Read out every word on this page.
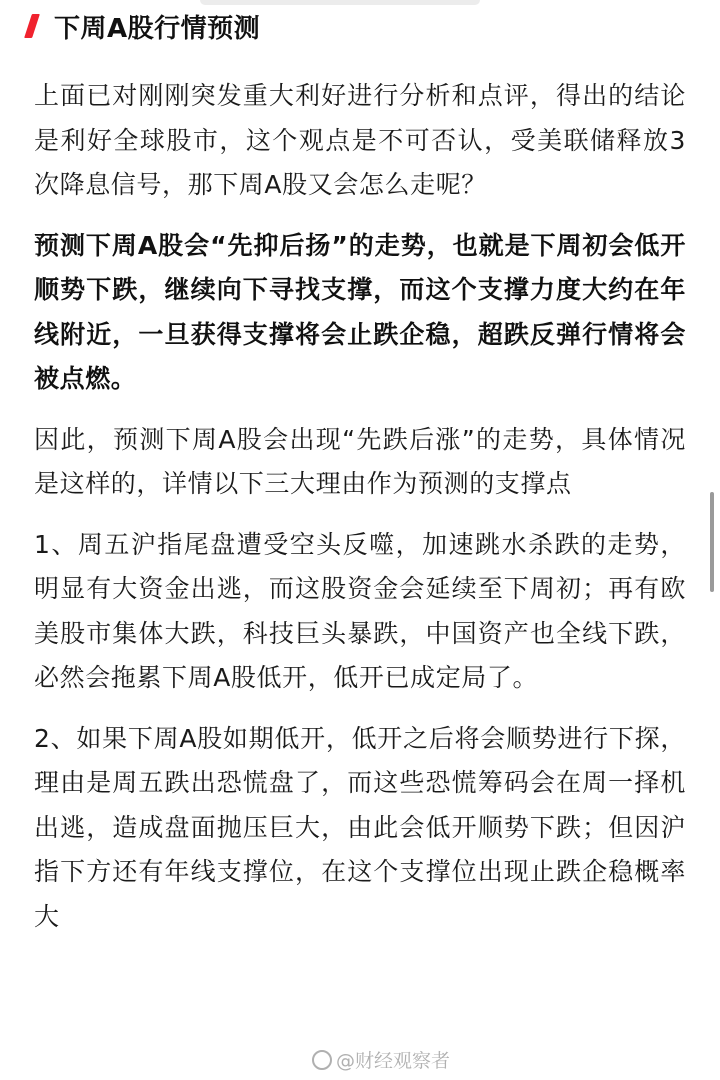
下周A股行情预测

上面已对刚刚突发重大利好进行分析和点评，得出的结论是利好全球股市，这个观点是不可否认，受美联储释放3次降息信号，那下周A股又会怎么走呢？

预测下周A股会“先抑后扬”的走势，也就是下周初会低开顺势下跌，继续向下寻找支撑，而这个支撑力度大约在年线附近，一旦获得支撑将会止跌企稳，超跌反弹行情将会被点燃。

因此，预测下周A股会出现“先跌后涨”的走势，具体情况是这样的，详情以下三大理由作为预测的支撑点

1、周五沪指尾盘遭受空头反噬，加速跳水杀跌的走势，明显有大资金出逃，而这股资金会延续至下周初；再有欧美股市集体大跌，科技巨头暴跌，中国资产也全线下跌，必然会拖累下周A股低开，低开已成定局了。

2、如果下周A股如期低开，低开之后将会顺势进行下探，理由是周五跌出恐慌盘了，而这些恐慌筹码会在周一择机出逃，造成盘面抛压巨大，由此会低开顺势下跌；但因沪指下方还有年线支撑位，在这个支撑位出现止跌企稳概率大

@财经观察者
